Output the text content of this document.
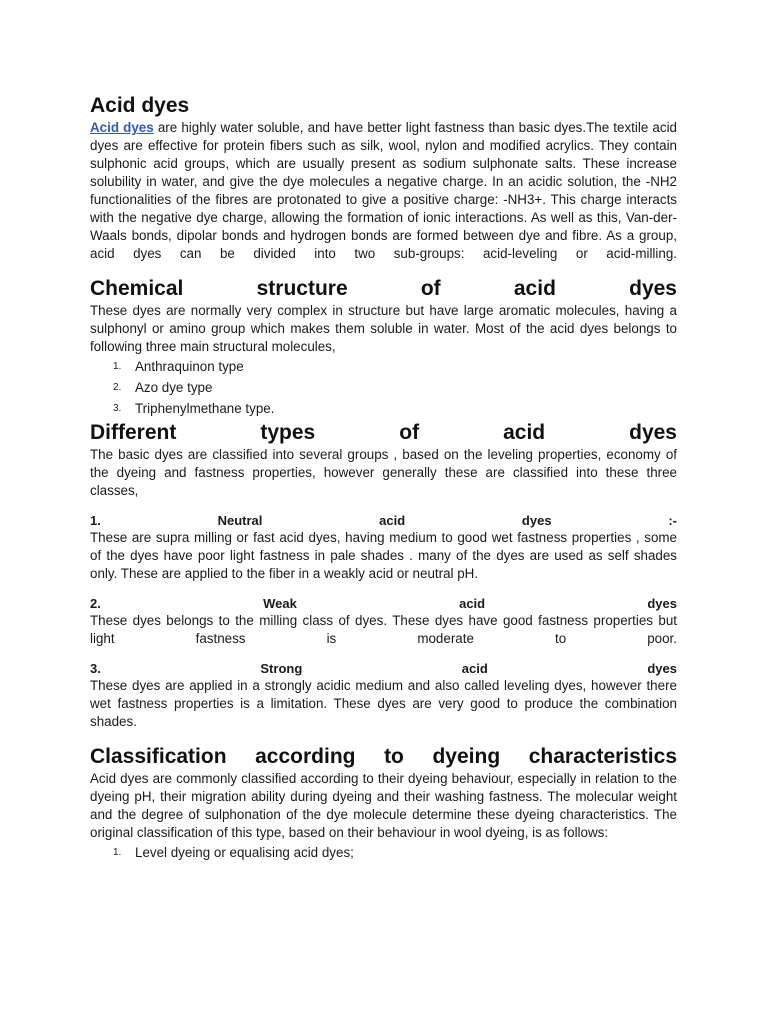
Acid dyes

Acid dyes are highly water soluble, and have better light fastness than basic dyes.The textile acid dyes are effective for protein fibers such as silk, wool, nylon and modified acrylics. They contain sulphonic acid groups, which are usually present as sodium sulphonate salts. These increase solubility in water, and give the dye molecules a negative charge. In an acidic solution, the -NH2 functionalities of the fibres are protonated to give a positive charge: -NH3+. This charge interacts with the negative dye charge, allowing the formation of ionic interactions. As well as this, Van-der-Waals bonds, dipolar bonds and hydrogen bonds are formed between dye and fibre. As a group, acid dyes can be divided into two sub-groups: acid-leveling or acid-milling.

Chemical structure of acid dyes

These dyes are normally very complex in structure but have large aromatic molecules, having a sulphonyl or amino group which makes them soluble in water. Most of the acid dyes belongs to following three main structural molecules,

1. Anthraquinon type
2. Azo dye type
3. Triphenylmethane type.
Different types of acid dyes

The basic dyes are classified into several groups , based on the leveling properties, economy of the dyeing and fastness properties, however generally these are classified into these three classes,

1. Neutral acid dyes :-

These are supra milling or fast acid dyes, having medium to good wet fastness properties , some of the dyes have poor light fastness in pale shades . many of the dyes are used as self shades only. These are applied to the fiber in a weakly acid or neutral pH.

2. Weak acid dyes

These dyes belongs to the milling class of dyes. These dyes have good fastness properties but light fastness is moderate to poor.

3. Strong acid dyes

These dyes are applied in a strongly acidic medium and also called leveling dyes, however there wet fastness properties is a limitation. These dyes are very good to produce the combination shades.

Classification according to dyeing characteristics

Acid dyes are commonly classified according to their dyeing behaviour, especially in relation to the dyeing pH, their migration ability during dyeing and their washing fastness. The molecular weight and the degree of sulphonation of the dye molecule determine these dyeing characteristics. The original classification of this type, based on their behaviour in wool dyeing, is as follows:

1. Level dyeing or equalising acid dyes;
